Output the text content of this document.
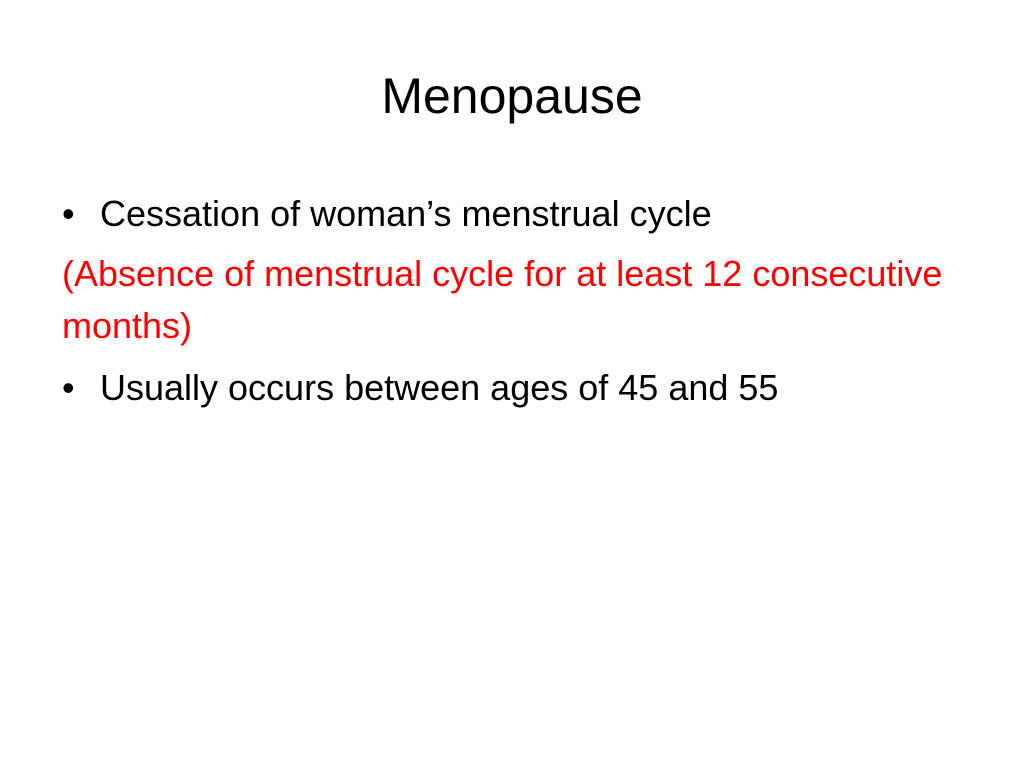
Menopause
• Cessation of woman’s menstrual cycle
(Absence of menstrual cycle for at least 12 consecutive months)
• Usually occurs between ages of 45 and 55
